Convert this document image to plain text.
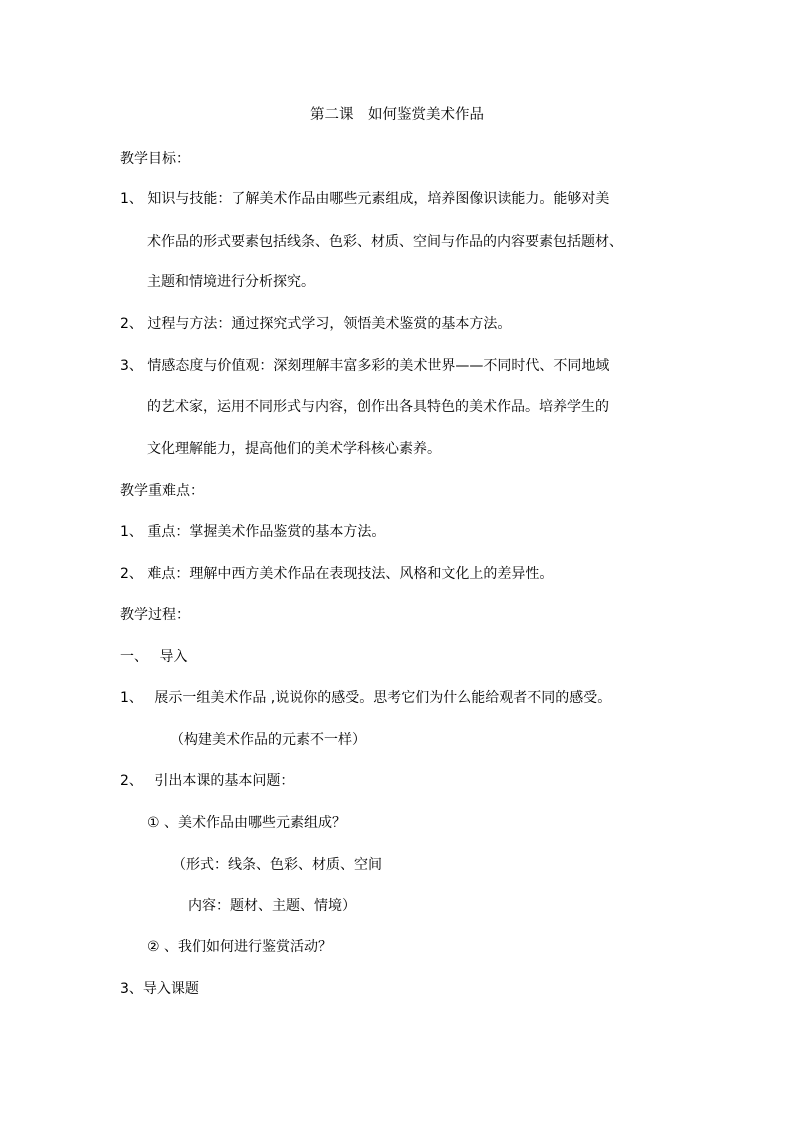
第二课　如何鉴赏美术作品
教学目标：
1、 知识与技能：了解美术作品由哪些元素组成，培养图像识读能力。能够对美
术作品的形式要素包括线条、色彩、材质、空间与作品的内容要素包括题材、
主题和情境进行分析探究。
2、 过程与方法：通过探究式学习，领悟美术鉴赏的基本方法。
3、 情感态度与价值观：深刻理解丰富多彩的美术世界——不同时代、不同地域
的艺术家，运用不同形式与内容，创作出各具特色的美术作品。培养学生的
文化理解能力，提高他们的美术学科核心素养。
教学重难点：
1、 重点：掌握美术作品鉴赏的基本方法。
2、 难点：理解中西方美术作品在表现技法、风格和文化上的差异性。
教学过程：
一、　 导入
1、　 展示一组美术作品 ,说说你的感受。思考它们为什么能给观者不同的感受。
（构建美术作品的元素不一样）
2、　 引出本课的基本问题：
① 、美术作品由哪些元素组成？
（形式：线条、色彩、材质、空间
内容：题材、主题、情境）
② 、我们如何进行鉴赏活动？
3、导入课题
